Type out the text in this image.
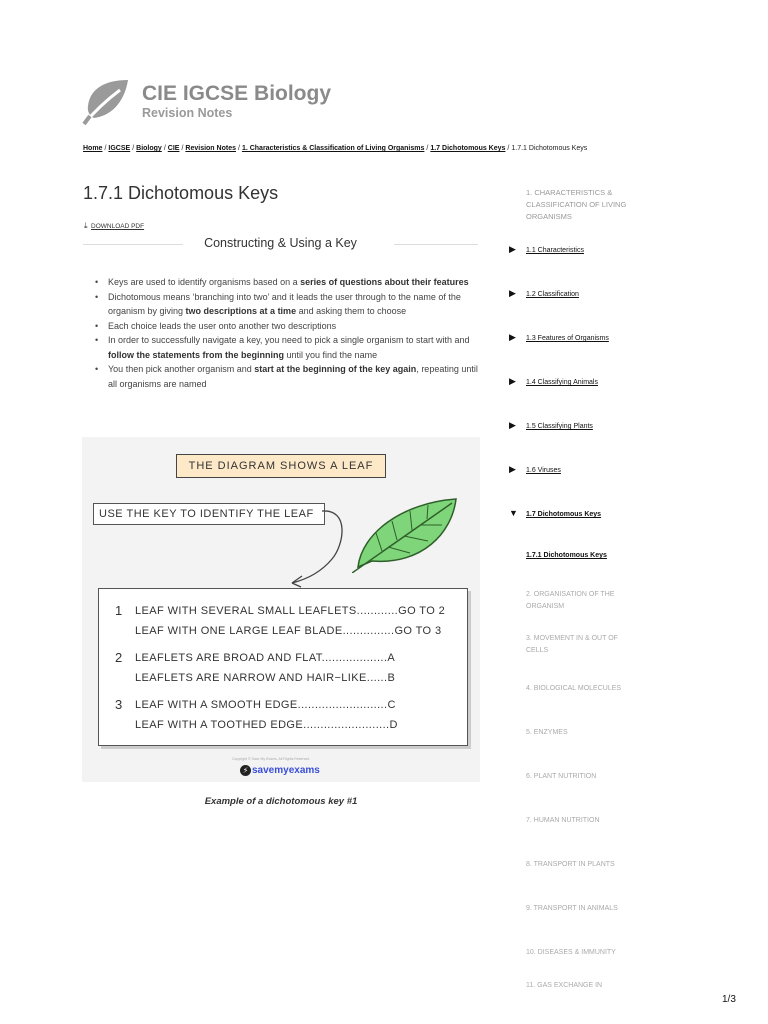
CIE IGCSE Biology
Revision Notes
Home / IGCSE / Biology / CIE / Revision Notes / 1. Characteristics & Classification of Living Organisms / 1.7 Dichotomous Keys / 1.7.1 Dichotomous Keys
1.7.1 Dichotomous Keys
⤓ DOWNLOAD PDF
Constructing & Using a Key
• Keys are used to identify organisms based on a series of questions about their features
• Dichotomous means ‘branching into two’ and it leads the user through to the name of the organism by giving two descriptions at a time and asking them to choose
• Each choice leads the user onto another two descriptions
• In order to successfully navigate a key, you need to pick a single organism to start with and follow the statements from the beginning until you find the name
• You then pick another organism and start at the beginning of the key again, repeating until all organisms are named
THE DIAGRAM SHOWS A LEAF
USE THE KEY TO IDENTIFY THE LEAF
1 LEAF WITH SEVERAL SMALL LEAFLETS............GO TO 2
LEAF WITH ONE LARGE LEAF BLADE...............GO TO 3
2 LEAFLETS ARE BROAD AND FLAT...................A
LEAFLETS ARE NARROW AND HAIR−LIKE......B
3 LEAF WITH A SMOOTH EDGE..........................C
LEAF WITH A TOOTHED EDGE.........................D
Copyright © Save My Exams. All Rights Reserved
⚡ savemyexams
Example of a dichotomous key #1
1. CHARACTERISTICS & CLASSIFICATION OF LIVING ORGANISMS
▶ 1.1 Characteristics
▶ 1.2 Classification
▶ 1.3 Features of Organisms
▶ 1.4 Classifying Animals
▶ 1.5 Classifying Plants
▶ 1.6 Viruses
▼ 1.7 Dichotomous Keys
1.7.1 Dichotomous Keys
2. ORGANISATION OF THE ORGANISM
3. MOVEMENT IN & OUT OF CELLS
4. BIOLOGICAL MOLECULES
5. ENZYMES
6. PLANT NUTRITION
7. HUMAN NUTRITION
8. TRANSPORT IN PLANTS
9. TRANSPORT IN ANIMALS
10. DISEASES & IMMUNITY
11. GAS EXCHANGE IN
1/3
